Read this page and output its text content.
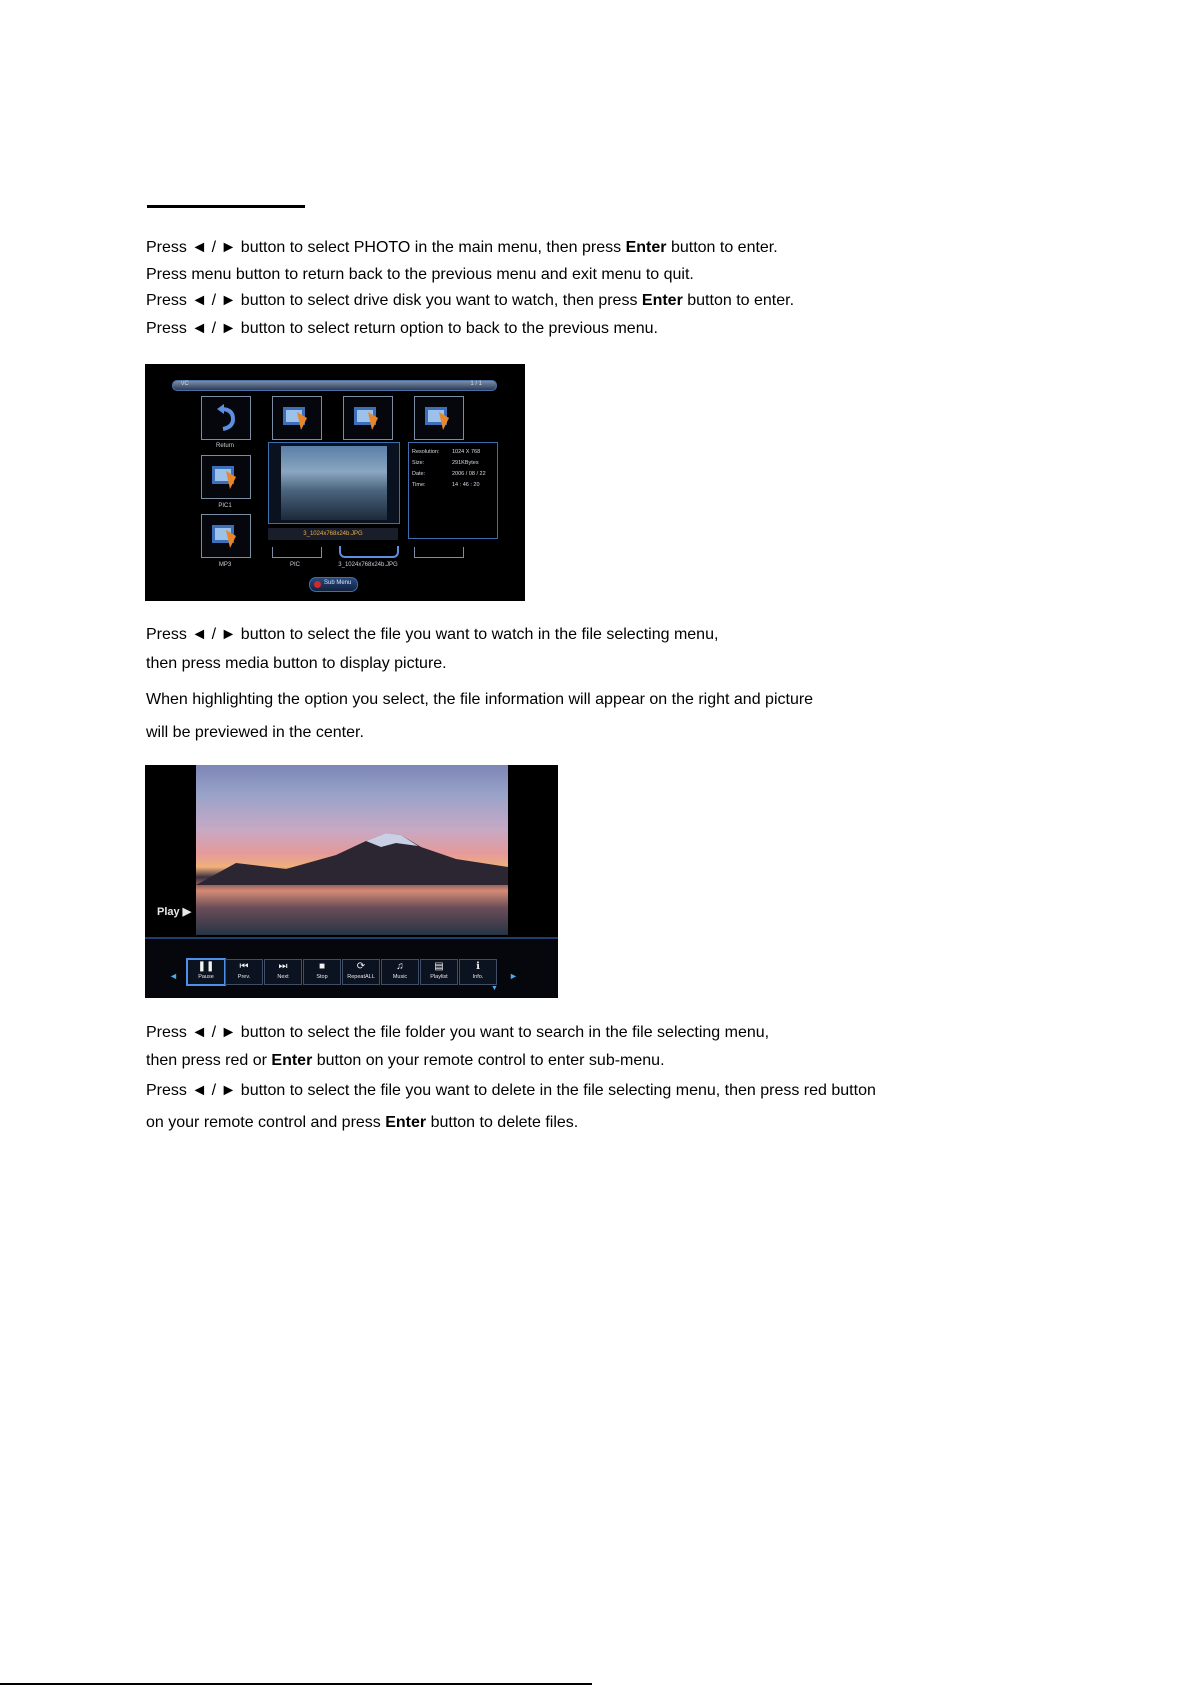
Press ◄ / ► button to select PHOTO in the main menu, then press Enter button to enter.
Press menu button to return back to the previous menu and exit menu to quit.
Press ◄ / ► button to select drive disk you want to watch, then press Enter button to enter.
Press ◄ / ► button to select return option to back to the previous menu.
\/C	1 / 1
Return
PIC1
MP3
3_1024x768x24b.JPG
PIC	3_1024x768x24b.JPG
Resolution: 1024 X 768
Size:	291KBytes
Date:	2006 / 08 / 22
Time:	14 : 46 : 20
Sub Menu
Press ◄ / ► button to select the file you want to watch in the file selecting menu,
then press media button to display picture.
When highlighting the option you select, the file information will appear on the right and picture
will be previewed in the center.
Play ▶
◄	►
▼
❚❚
Pause
⏮
Prev.
⏭
Next
■
Stop
⟳
RepeatALL
♫
Music
▤
Playlist
ℹ
Info.
Press ◄ / ► button to select the file folder you want to search in the file selecting menu,
then press red or Enter button on your remote control to enter sub-menu.
Press ◄ / ► button to select the file you want to delete in the file selecting menu, then press red button
on your remote control and press Enter button to delete files.
